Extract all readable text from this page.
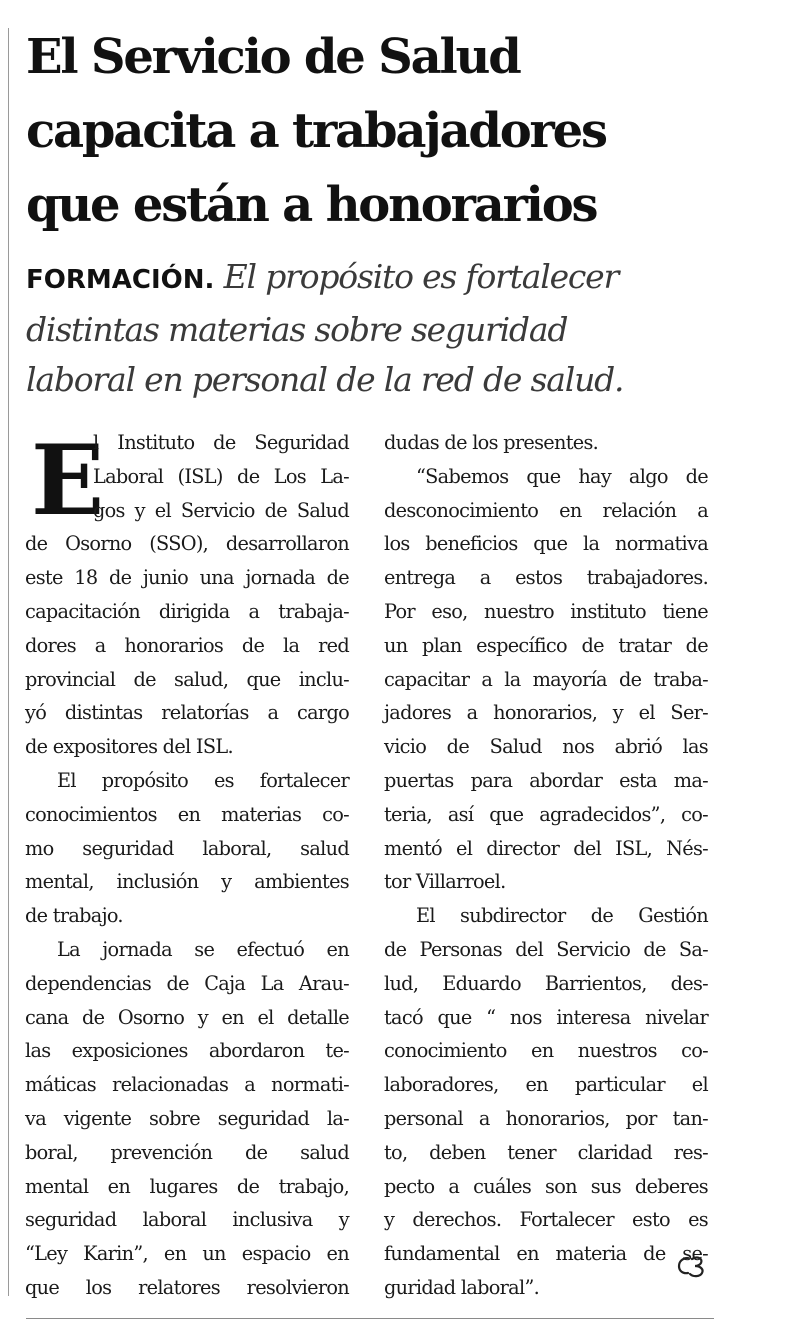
El Servicio de Salud
capacita a trabajadores
que están a honorarios

FORMACIÓN. El propósito es fortalecer
distintas materias sobre seguridad
laboral en personal de la red de salud.

E
l Instituto de Seguridad
Laboral (ISL) de Los La-
gos y el Servicio de Salud
de Osorno (SSO), desarrollaron
este 18 de junio una jornada de
capacitación dirigida a trabaja-
dores a honorarios de la red
provincial de salud, que inclu-
yó distintas relatorías a cargo
de expositores del ISL.
El propósito es fortalecer
conocimientos en materias co-
mo seguridad laboral, salud
mental, inclusión y ambientes
de trabajo.
La jornada se efectuó en
dependencias de Caja La Arau-
cana de Osorno y en el detalle
las exposiciones abordaron te-
máticas relacionadas a normati-
va vigente sobre seguridad la-
boral, prevención de salud
mental en lugares de trabajo,
seguridad laboral inclusiva y
“Ley Karin”, en un espacio en
que los relatores resolvieron
dudas de los presentes.
“Sabemos que hay algo de
desconocimiento en relación a
los beneficios que la normativa
entrega a estos trabajadores.
Por eso, nuestro instituto tiene
un plan específico de tratar de
capacitar a la mayoría de traba-
jadores a honorarios, y el Ser-
vicio de Salud nos abrió las
puertas para abordar esta ma-
teria, así que agradecidos”, co-
mentó el director del ISL, Nés-
tor Villarroel.
El subdirector de Gestión
de Personas del Servicio de Sa-
lud, Eduardo Barrientos, des-
tacó que “ nos interesa nivelar
conocimiento en nuestros co-
laboradores, en particular el
personal a honorarios, por tan-
to, deben tener claridad res-
pecto a cuáles son sus deberes
y derechos. Fortalecer esto es
fundamental en materia de se-
guridad laboral”.
